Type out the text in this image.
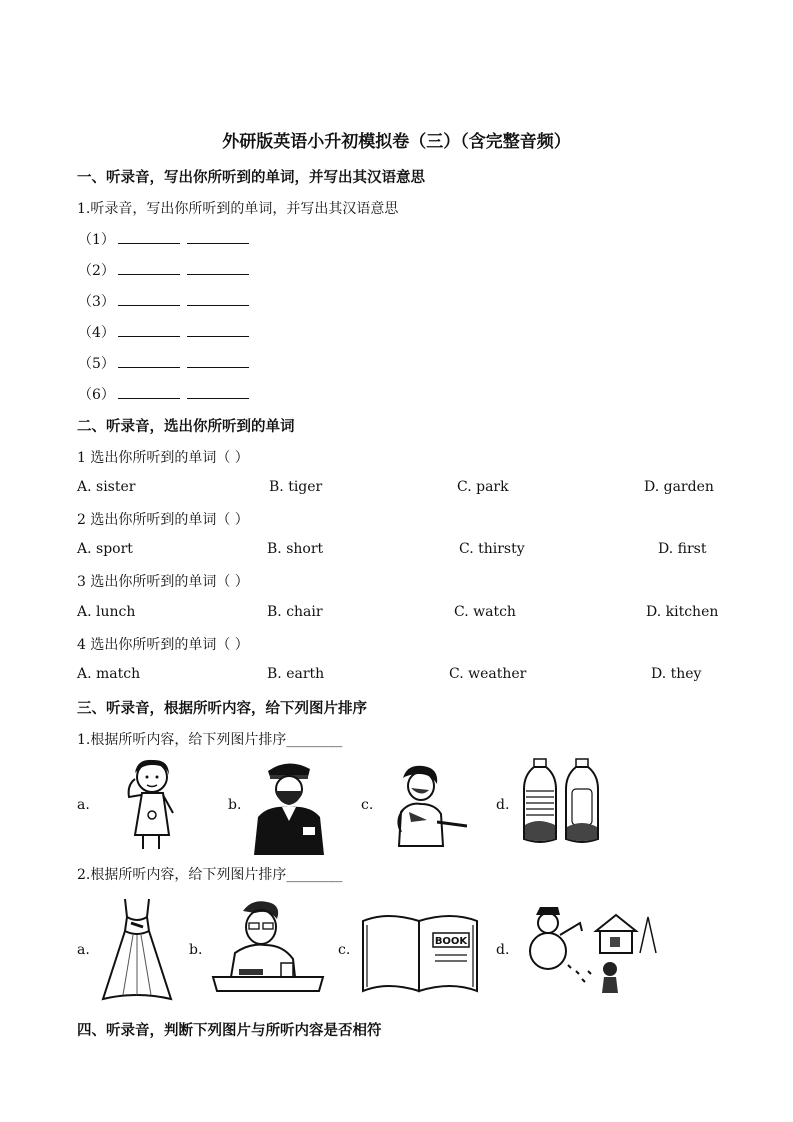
外研版英语小升初模拟卷（三）（含完整音频）
一、听录音，写出你所听到的单词，并写出其汉语意思
1.听录音，写出你所听到的单词，并写出其汉语意思
（1）
（2）
（3）
（4）
（5）
（6）
二、听录音，选出你所听到的单词
1 选出你所听到的单词（ ）
A. sister	B. tiger	C. park	D. garden
2 选出你所听到的单词（ ）
A. sport	B. short	C. thirsty	D. first
3 选出你所听到的单词（ ）
A. lunch	B. chair	C. watch	D. kitchen
4 选出你所听到的单词（ ）
A. match	B. earth	C. weather	D. they
三、听录音，根据所听内容，给下列图片排序
1.根据所听内容，给下列图片排序________
a.	b.	c.	d.
2.根据所听内容，给下列图片排序________
a.	b.	c.
BOOK
d.
四、听录音，判断下列图片与所听内容是否相符
